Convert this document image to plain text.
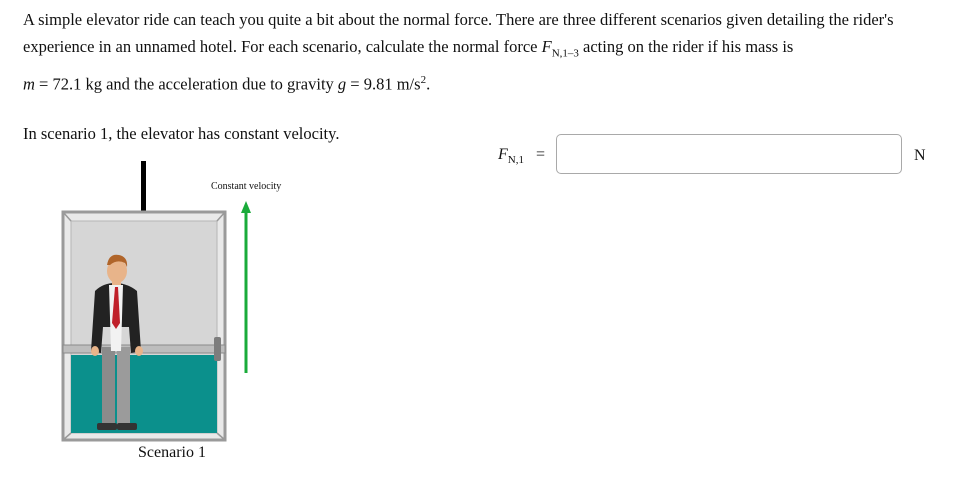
A simple elevator ride can teach you quite a bit about the normal force. There are three different scenarios given detailing the rider's experience in an unnamed hotel. For each scenario, calculate the normal force $F_{N,1-3}$ acting on the rider if his mass is
m = 72.1 kg and the acceleration due to gravity g = 9.81 $m/s^2$.
In scenario 1, the elevator has constant velocity.
$F_{N,1}$ =	N
Constant velocity
Scenario 1
